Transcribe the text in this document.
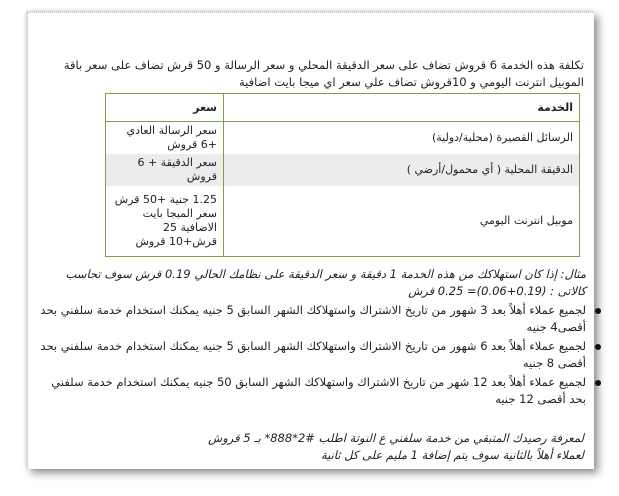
تكلفة هذه الخدمة 6 قروش تضاف على سعر الدقيقة المحلي و سعر الرسالة و 50 قرش تضاف على سعر باقة الموبيل انترنت اليومي و 10قروش تضاف علي سعر اي ميجا بايت اضافية
الخدمة	سعر
الرسائل القصيرة (محلية/دولية)	سعر الرسالة العادي +6 قروش
الدقيقة المحلية ( أي محمول/أرضي )	سعر الدقيقة + 6 قروش
موبيل انترنت اليومي	1.25 جنية +50 قرش سعر الميجا بايت الاضافية 25 قرش+10 قروش
مثال: إذا كان استهلاكك من هذه الخدمة 1 دقيقة و سعر الدقيقة على نظامك الحالي 0.19 قرش سوف تحاسب كالاتى : (0.19+0.06)= 0.25 قرش
لجميع عملاء أهلاً بعد 3 شهور من تاريخ الاشتراك واستهلاكك الشهر السابق 5 جنيه يمكنك استخدام خدمة سلفني بحد أقصى4 جنيه
لجميع عملاء أهلاً بعد 6 شهور من تاريخ الاشتراك واستهلاكك الشهر السابق 5 جنيه يمكنك استخدام خدمة سلفني بحد أقصى 8 جنيه
لجميع عملاء أهلاً بعد 12 شهر من تاريخ الاشتراك واستهلاكك الشهر السابق 50 جنيه يمكنك استخدام خدمة سلفني بحد أقصى 12 جنيه
لمعرفة رصيدك المتبقي من خدمة سلفني ع النوتة اطلب #2*888* بـ 5 قروش
لعملاء أهلاً بالثانية سوف يتم إضافة 1 مليم على كل ثانية
